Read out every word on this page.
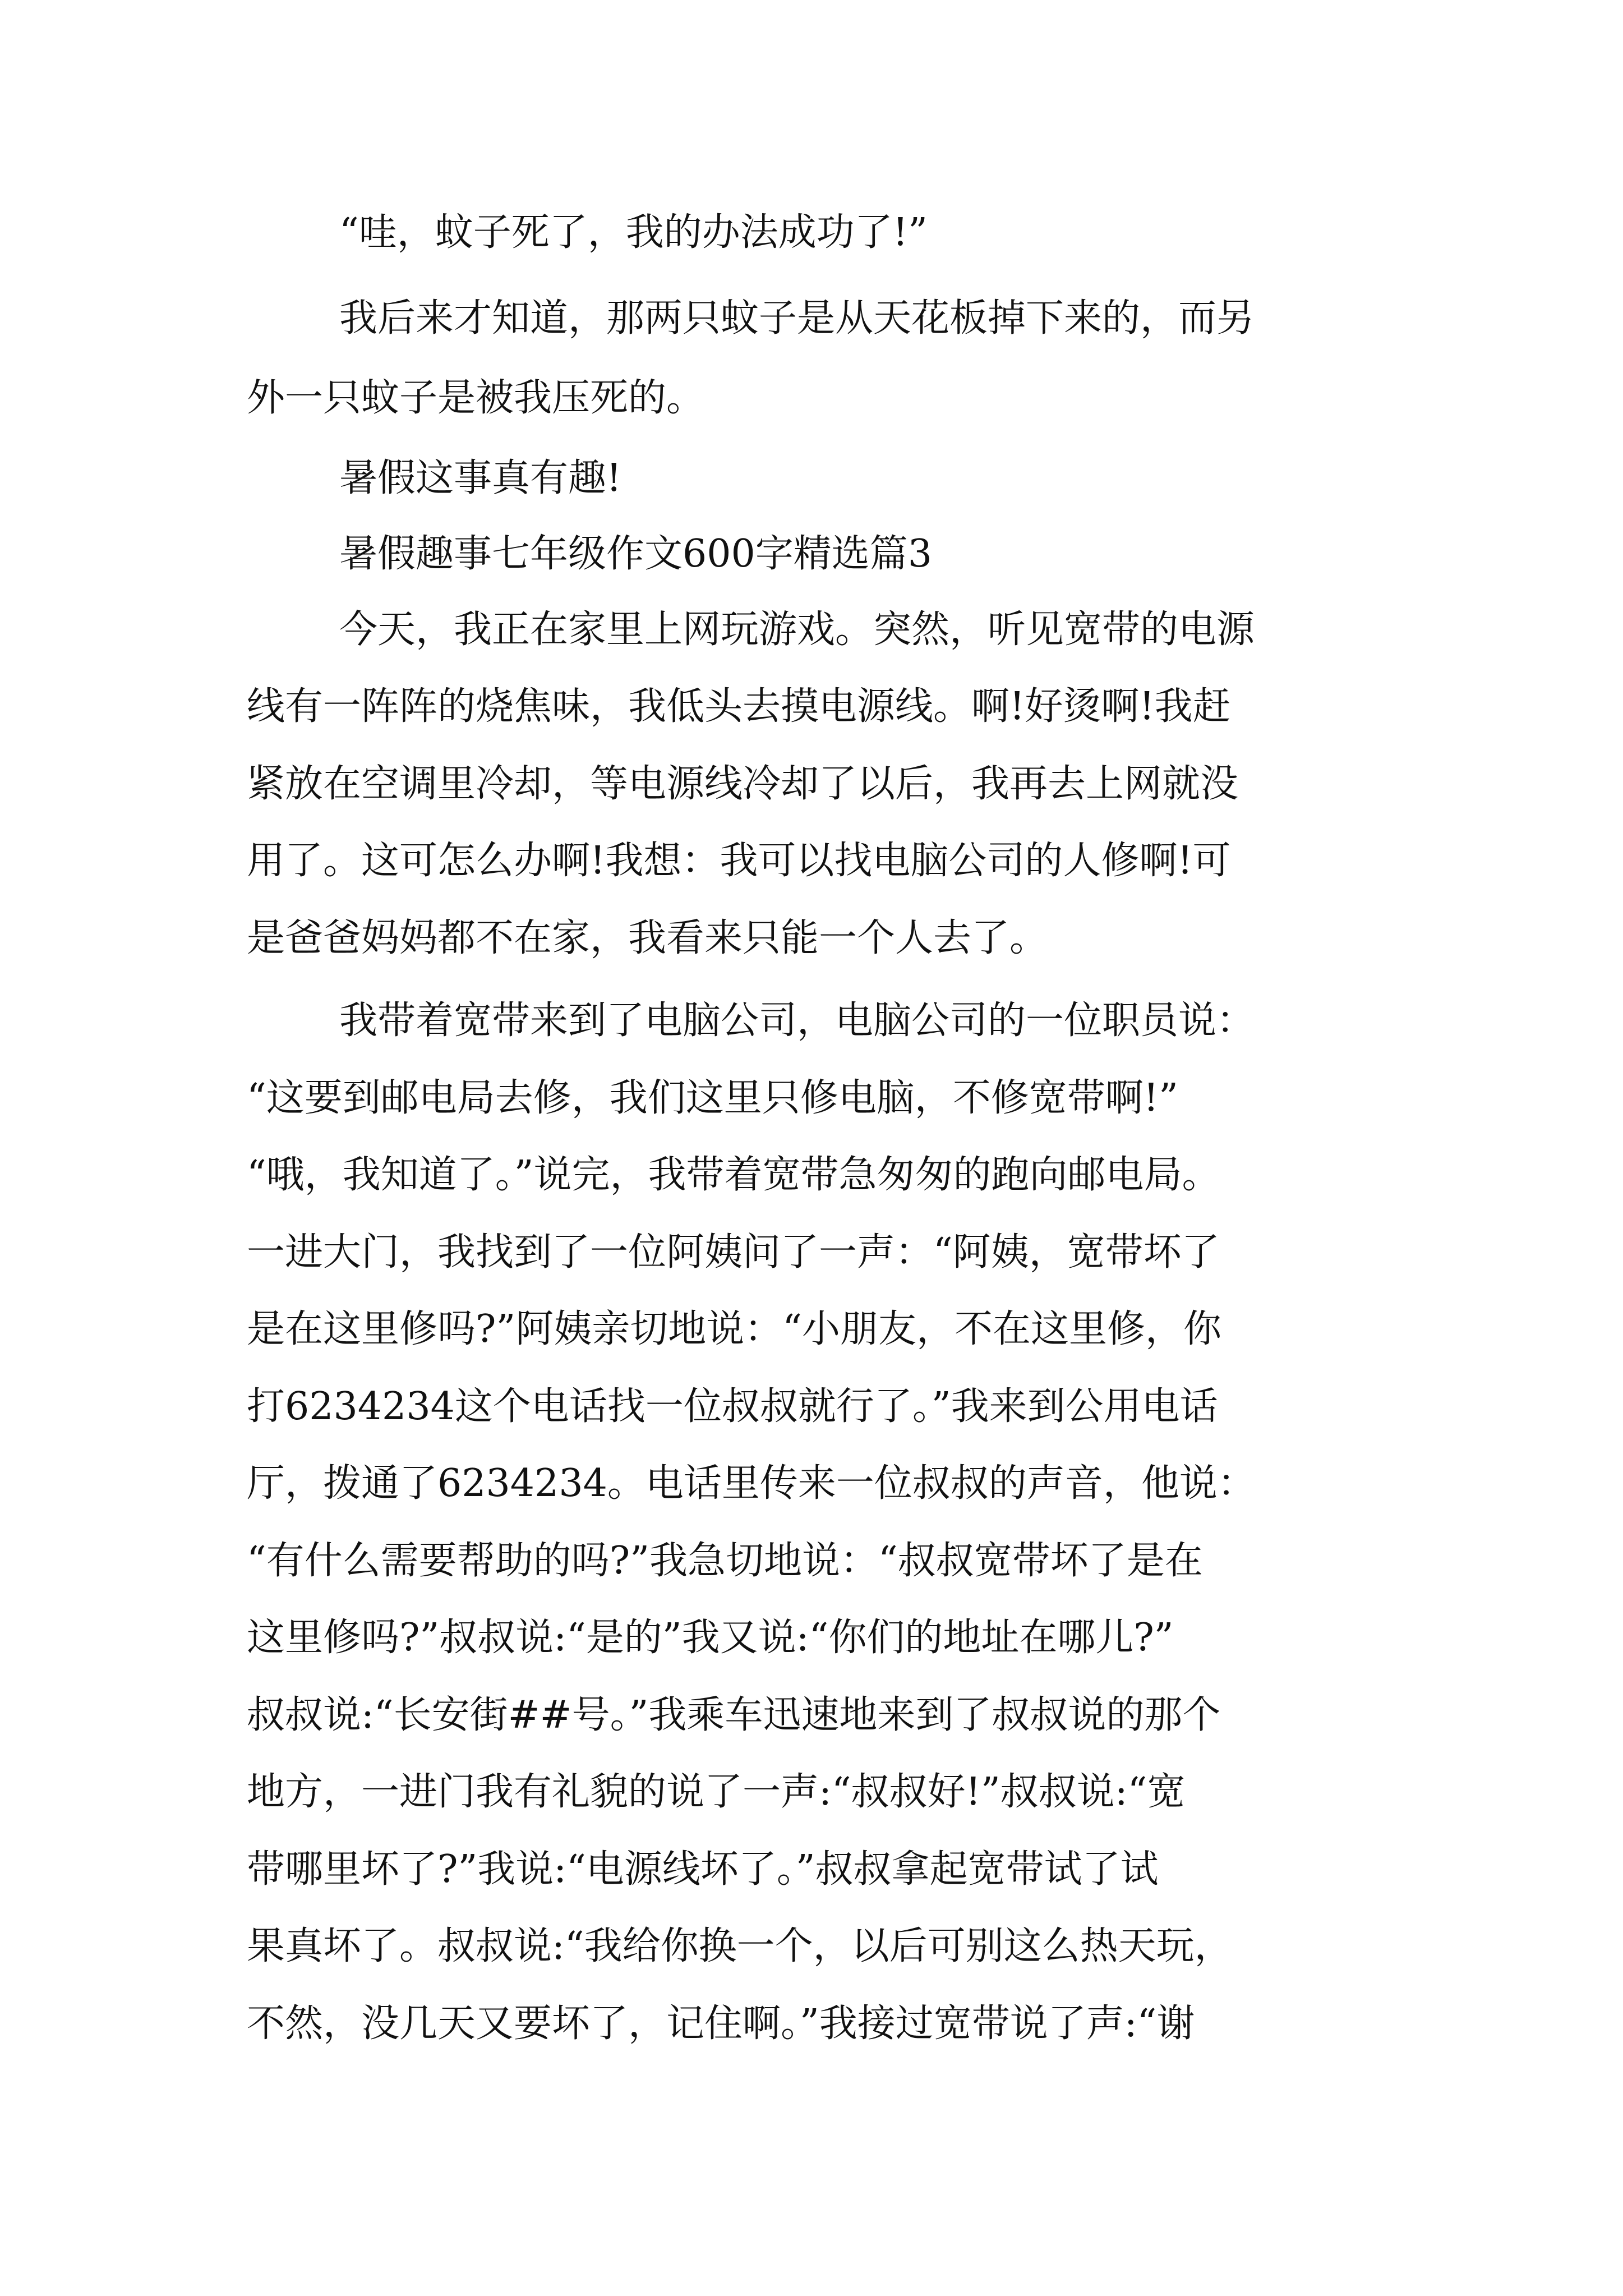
“哇，蚊子死了，我的办法成功了!”
我后来才知道，那两只蚊子是从天花板掉下来的，而另
外一只蚊子是被我压死的。
暑假这事真有趣!
暑假趣事七年级作文600字精选篇3
今天，我正在家里上网玩游戏。突然，听见宽带的电源
线有一阵阵的烧焦味，我低头去摸电源线。啊!好烫啊!我赶
紧放在空调里冷却，等电源线冷却了以后，我再去上网就没
用了。这可怎么办啊!我想：我可以找电脑公司的人修啊!可
是爸爸妈妈都不在家，我看来只能一个人去了。
我带着宽带来到了电脑公司，电脑公司的一位职员说：
“这要到邮电局去修，我们这里只修电脑，不修宽带啊!”
“哦，我知道了。”说完，我带着宽带急匆匆的跑向邮电局。
一进大门，我找到了一位阿姨问了一声：“阿姨，宽带坏了
是在这里修吗?”阿姨亲切地说：“小朋友，不在这里修，你
打6234234这个电话找一位叔叔就行了。”我来到公用电话
厅，拨通了6234234。电话里传来一位叔叔的声音，他说：
“有什么需要帮助的吗?”我急切地说：“叔叔宽带坏了是在
这里修吗?”叔叔说:“是的”我又说:“你们的地址在哪儿?”
叔叔说:“长安街##号。”我乘车迅速地来到了叔叔说的那个
地方，一进门我有礼貌的说了一声:“叔叔好!”叔叔说:“宽
带哪里坏了?”我说:“电源线坏了。”叔叔拿起宽带试了试
果真坏了。叔叔说:“我给你换一个，以后可别这么热天玩，
不然，没几天又要坏了，记住啊。”我接过宽带说了声:“谢
